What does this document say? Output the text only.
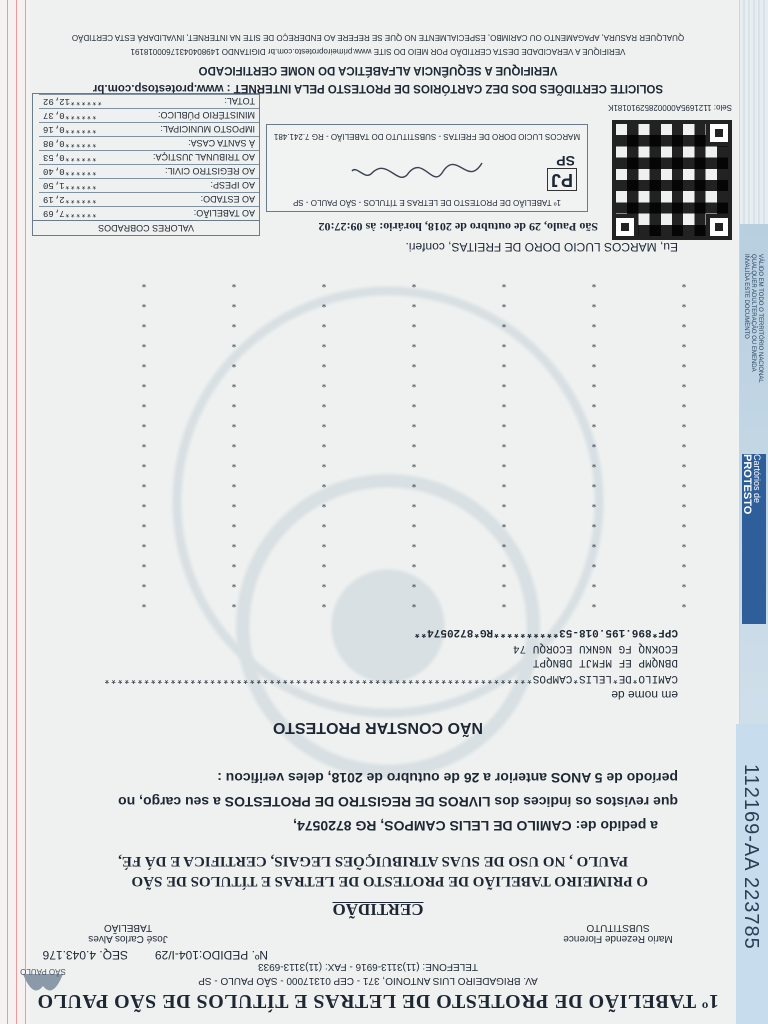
Cartórios de
PROTESTO
VÁLIDO EM TODO O TERRITÓRIO NACIONAL
QUALQUER ADULTERAÇÃO OU EMENDA
INVALIDA ESTE DOCUMENTO
112169-AA 223785
1º TABELIÃO DE PROTESTO DE LETRAS E TÍTULOS DE SÃO PAULO
AV. BRIGADEIRO LUIS ANTONIO, 371 - CEP 01317000 - SÃO PAULO - SP
TELEFONE: (11)3113-6916 - FAX: (11)3113-6933
SEQ. 4.043.176 Nº. PEDIDO:104-I/29
José Carlos Alves
TABELIÃO
Mario Rezende Florence
SUBSTITUTO
SÃO PAULO
CERTIDÃO
O PRIMEIRO TABELIÃO DE PROTESTO DE LETRAS E TÍTULOS DE SÃO
PAULO , NO USO DE SUAS ATRIBUIÇÕES LEGAIS, CERTIFICA E DÁ FÉ,
a pedido de: CAMILO DE LELIS CAMPOS, RG 8720574,
que revistos os índices dos LIVROS DE REGISTRO DE PROTESTOS a seu cargo, no
período de 5 ANOS anterior a 26 de outubro de 2018, deles verificou :
NÃO CONSTAR PROTESTO
em nome de
CAMILO*DE*LELIS*CAMPOS*****************************************************************
DBNQMP EF MFMJT DBNQPT
ECOKNQ FG NGNKU ECORQU 74
CPF*896.195.018-53**********RG*8720574**
*
*
*
*
*
*
*
*
*
*
*
*
*
*
*
*
*
*
*
*
*
*
*
*
*
*
*
*
*
*
*
*
*
*
*
*
*
*
*
*
*
*
*
*
*
*
*
*
*
*
*
*
*
*
*
*
*
*
*
*
*
*
*
*
*
*
*
*
*
*
*
*
*
*
*
*
*
*
*
*
*
*
*
*
*
*
*
*
*
*
*
*
*
*
*
*
*
*
*
*
*
*
*
*
*
*
*
*
*
*
*
*
*
*
*
*
*
*
*
Eu, MARCOS LUCIO DORO DE FREITAS, conferi.
São Paulo, 29 de outubro de 2018, horário: às 09:27:02
1º TABELIÃO DE PROTESTO DE LETRAS E TÍTULOS - SÃO PAULO - SP
PJ
SP
MARCOS LUCIO DORO DE FREITAS - SUBSTITUTO DO TABELIÃO - RG 7.241.481
VALORES COBRADOS
AO TABELIÃO:	******7,69
AO ESTADO:	******2,19
AO IPESP:	******1,50
AO REGISTRO CIVIL:	******0,40
AO TRIBUNAL JUSTIÇA:	******0,53
À SANTA CASA:	******0,08
IMPOSTO MUNICIPAL:	******0,16
MINISTÉRIO PÚBLICO:	******0,37
TOTAL:	******12,92
Selo: 1121695A00002852910181K
SOLICITE CERTIDÕES DOS DEZ CARTÓRIOS DE PROTESTO PELA INTERNET : www.protestosp.com.br
VERIFIQUE A SEQUÊNCIA ALFABÉTICA DO NOME CERTIFICADO
VERIFIQUE A VERACIDADE DESTA CERTIDÃO POR MEIO DO SITE www.primeiroprotesto.com.br DIGITANDO 14980404317600018191
QUALQUER RASURA, APAGAMENTO OU CARIMBO, ESPECIALMENTE NO QUE SE REFERE AO ENDEREÇO DE SITE NA INTERNET, INVALIDARÁ ESTA CERTIDÃO
